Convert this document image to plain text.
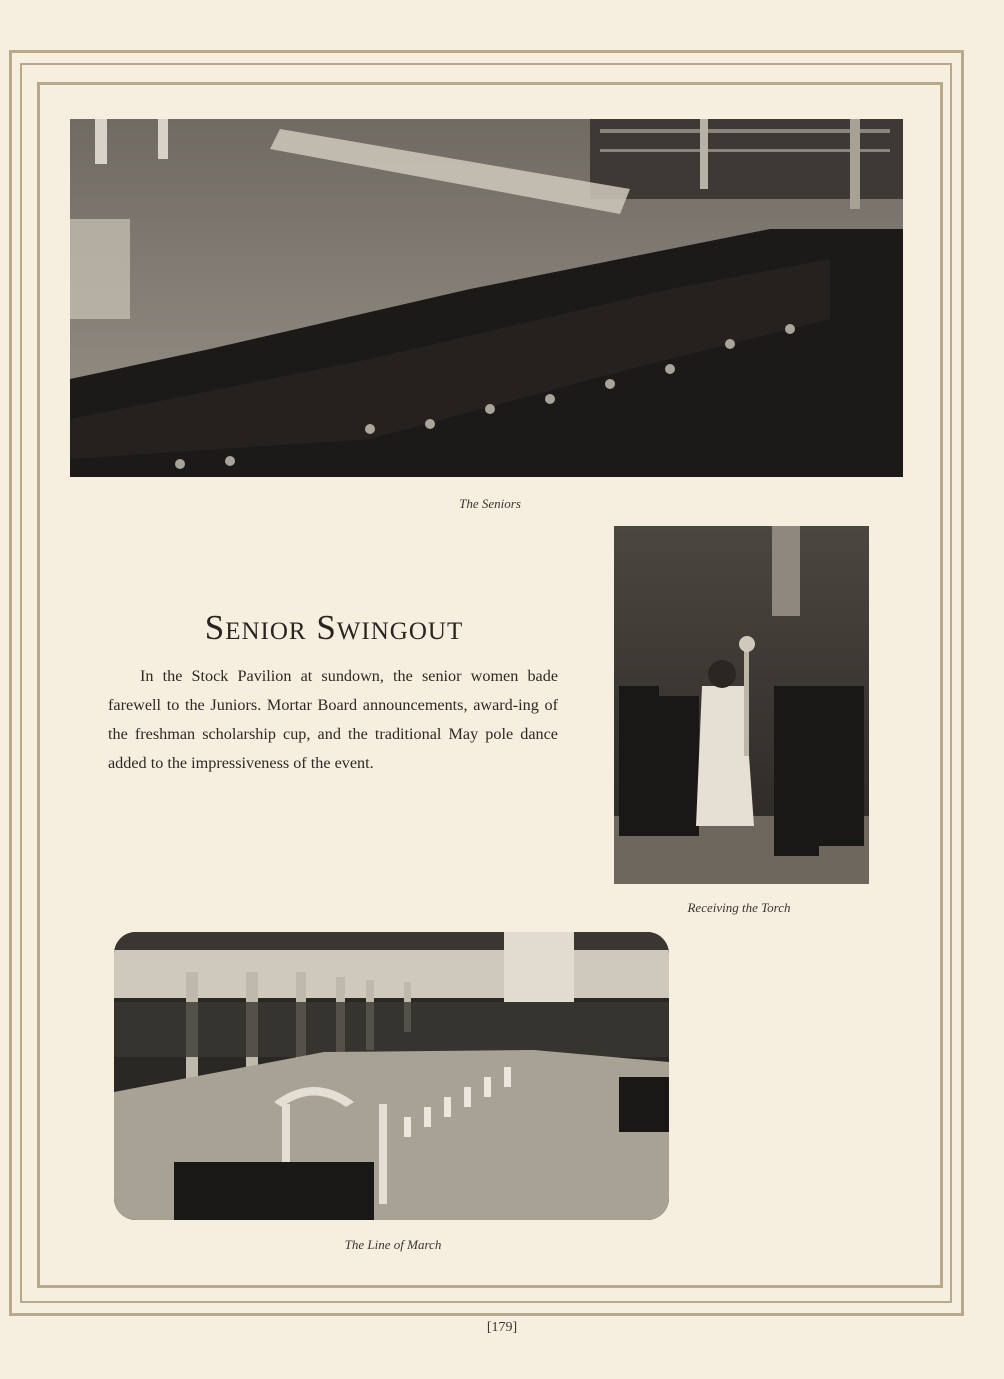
The Seniors
Receiving the Torch
Senior Swingout
In the Stock Pavilion at sundown, the senior women bade farewell to the Juniors. Mortar Board announcements, award-ing of the freshman scholarship cup, and the traditional May pole dance added to the impressiveness of the event.
The Line of March
[179]
